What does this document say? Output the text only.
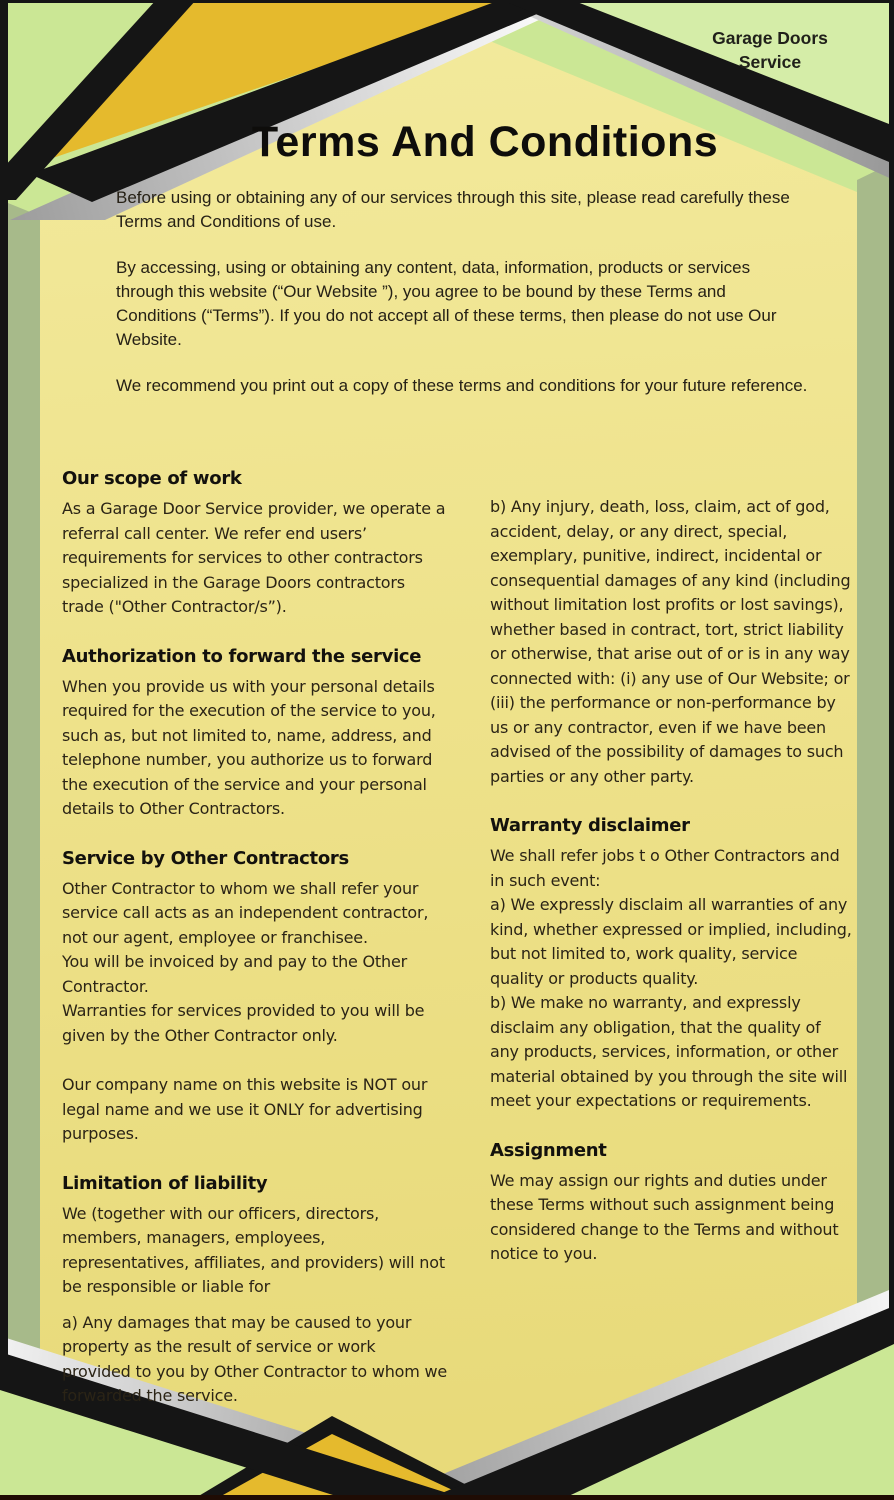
Garage Doors
Service
Terms And Conditions

Before using or obtaining any of our services through this site, please read carefully these Terms and Conditions of use.

By accessing, using or obtaining any content, data, information, products or services through this website (“Our Website ”), you agree to be bound by these Terms and Conditions (“Terms”). If you do not accept all of these terms, then please do not use Our Website.

We recommend you print out a copy of these terms and conditions for your future reference.

Our scope of work

As a Garage Door Service provider, we operate a referral call center. We refer end users’ requirements for services to other contractors specialized in the Garage Doors contractors trade ("Other Contractor/s”).

Authorization to forward the service

When you provide us with your personal details required for the execution of the service to you, such as, but not limited to, name, address, and telephone number, you authorize us to forward the execution of the service and your personal details to Other Contractors.

Service by Other Contractors

Other Contractor to whom we shall refer your service call acts as an independent contractor, not our agent, employee or franchisee.

You will be invoiced by and pay to the Other Contractor.

Warranties for services provided to you will be given by the Other Contractor only.

Our company name on this website is NOT our legal name and we use it ONLY for advertising purposes.

Limitation of liability

We (together with our officers, directors, members, managers, employees, representatives, affiliates, and providers) will not be responsible or liable for

a) Any damages that may be caused to your property as the result of service or work provided to you by Other Contractor to whom we forwarded the service.

b) Any injury, death, loss, claim, act of god, accident, delay, or any direct, special, exemplary, punitive, indirect, incidental or consequential damages of any kind (including without limitation lost profits or lost savings), whether based in contract, tort, strict liability or otherwise, that arise out of or is in any way connected with: (i) any use of Our Website; or (iii) the performance or non-performance by us or any contractor, even if we have been advised of the possibility of damages to such parties or any other party.

Warranty disclaimer

We shall refer jobs t o Other Contractors and in such event:

a) We expressly disclaim all warranties of any kind, whether expressed or implied, including, but not limited to, work quality, service quality or products quality.

b) We make no warranty, and expressly disclaim any obligation, that the quality of any products, services, information, or other material obtained by you through the site will meet your expectations or requirements.

Assignment

We may assign our rights and duties under these Terms without such assignment being considered change to the Terms and without notice to you.
